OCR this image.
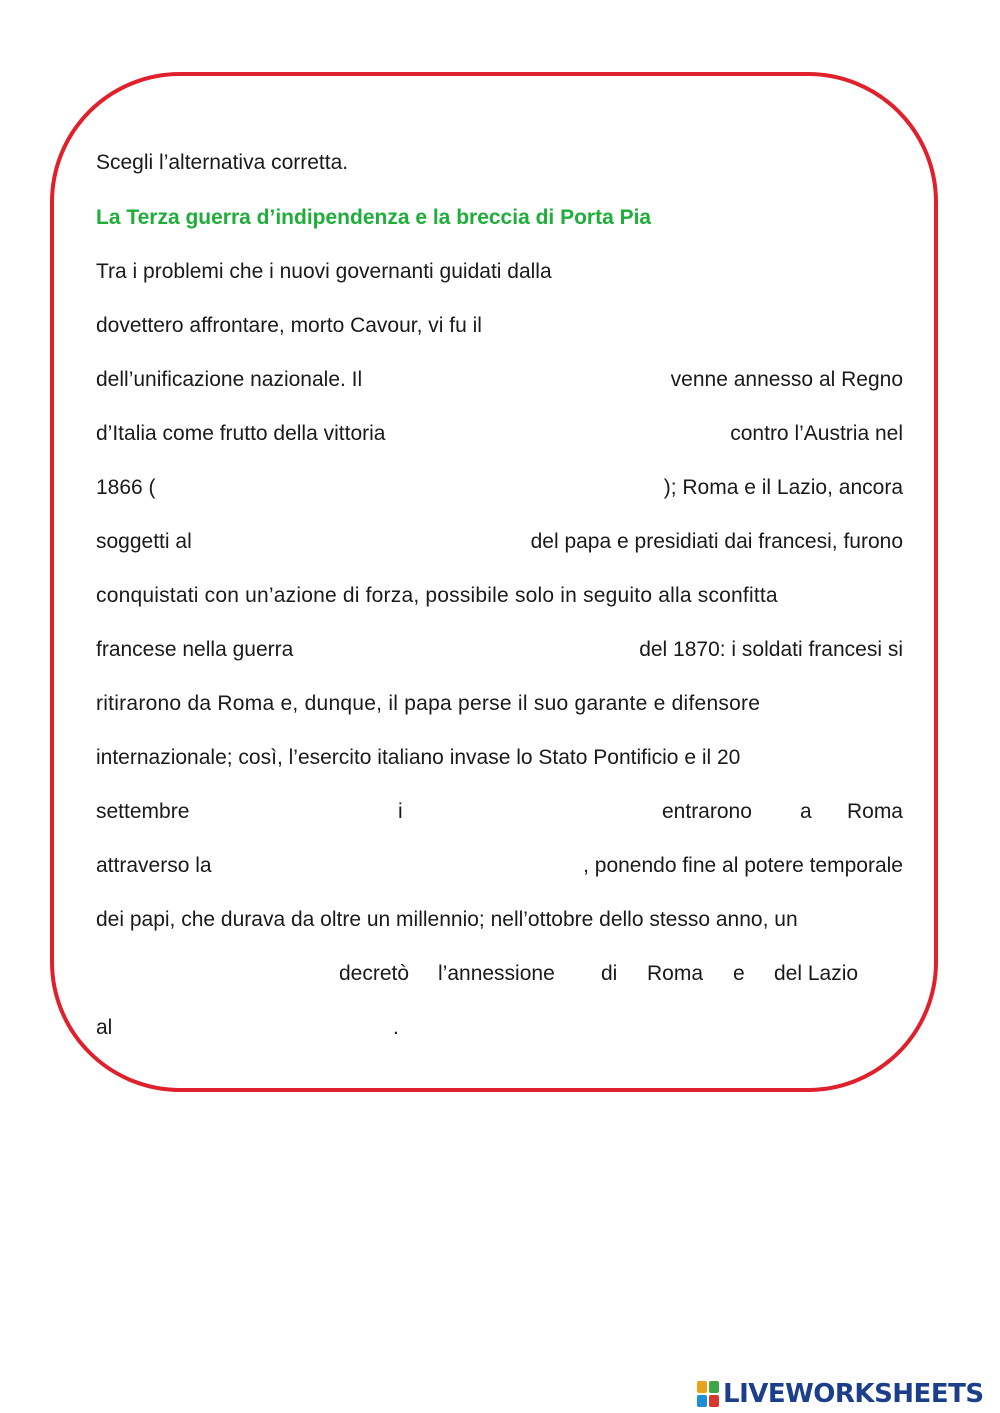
Scegli l’alternativa corretta.
La Terza guerra d’indipendenza e la breccia di Porta Pia
Tra i problemi che i nuovi governanti guidati dalla
dovettero affrontare, morto Cavour, vi fu il
dell’unificazione nazionale. Il	venne annesso al Regno
d’Italia come frutto della vittoria	contro l’Austria nel
1866 (	); Roma e il Lazio, ancora
soggetti al	del papa e presidiati dai francesi, furono
conquistati con un’azione di forza, possibile solo in seguito alla sconfitta
francese nella guerra	del 1870: i soldati francesi si
ritirarono da Roma e, dunque, il papa perse il suo garante e difensore
internazionale; così, l’esercito italiano invase lo Stato Pontificio e il 20
settembre	i	entrarono a Roma
attraverso la	, ponendo fine al potere temporale
dei papi, che durava da oltre un millennio; nell’ottobre dello stesso anno, un
decretò l’annessione di Roma e del Lazio
al	.
LIVEWORKSHEETS
